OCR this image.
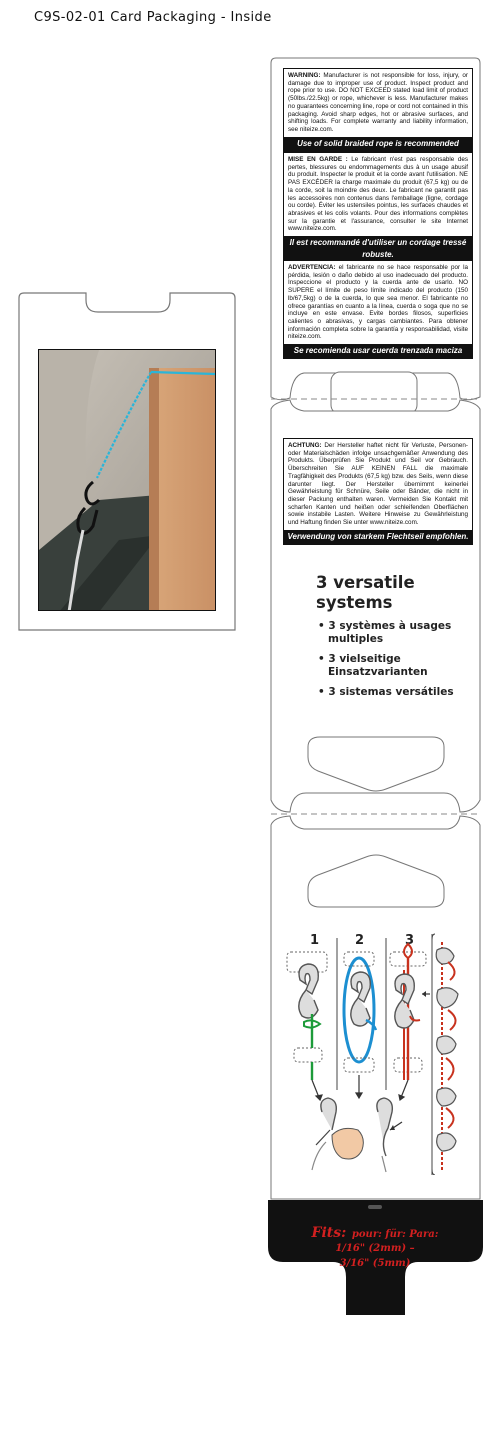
C9S-02-01 Card Packaging - Inside
WARNING: Manufacturer is not responsible for loss, injury, or damage due to improper use of product. Inspect product and rope prior to use. DO NOT EXCEED stated load limit of product (50lbs./22.5kg) or rope, whichever is less. Manufacturer makes no guarantees concerning line, rope or cord not contained in this packaging. Avoid sharp edges, hot or abrasive surfaces, and shifting loads. For complete warranty and liability information, see niteize.com.
Use of solid braided rope is recommended
MISE EN GARDE : Le fabricant n'est pas responsable des pertes, blessures ou endommagements dus à un usage abusif du produit. Inspecter le produit et la corde avant l'utilisation. NE PAS EXCÉDER la charge maximale du produit (67,5 kg) ou de la corde, soit la moindre des deux. Le fabricant ne garantit pas les accessoires non contenus dans l'emballage (ligne, cordage ou corde). Éviter les ustensiles pointus, les surfaces chaudes et abrasives et les colis volants. Pour des informations complètes sur la garantie et l'assurance, consulter le site Internet www.niteize.com.
Il est recommandé d'utiliser un cordage tressé robuste.
ADVERTENCIA: el fabricante no se hace responsable por la pérdida, lesión o daño debido al uso inadecuado del producto. Inspeccione el producto y la cuerda ante de usarlo. NO SUPERE el límite de peso límite indicado del producto (150 lb/67,5kg) o de la cuerda, lo que sea menor. El fabricante no ofrece garantías en cuanto a la línea, cuerda o soga que no se incluye en este envase. Evite bordes filosos, superficies calientes o abrasivas, y cargas cambiantes. Para obtener información completa sobre la garantía y responsabilidad, visite niteize.com.
Se recomienda usar cuerda trenzada maciza
ACHTUNG: Der Hersteller haftet nicht für Verluste, Personen- oder Materialschäden infolge unsachgemäßer Anwendung des Produkts. Überprüfen Sie Produkt und Seil vor Gebrauch. Überschreiten Sie AUF KEINEN FALL die maximale Tragfähigkeit des Produkts (67,5 kg) bzw. des Seils, wenn diese darunter liegt. Der Hersteller übernimmt keinerlei Gewährleistung für Schnüre, Seile oder Bänder, die nicht in dieser Packung enthalten waren. Vermeiden Sie Kontakt mit scharfen Kanten und heißen oder schleifenden Oberflächen sowie instabile Lasten. Weitere Hinweise zu Gewährleistung und Haftung finden Sie unter www.niteize.com.
Verwendung von starkem Flechtseil empfohlen.
3 versatile systems
• 3 systèmes à usages multiples
• 3 vielseitige Einsatzvarianten
• 3 sistemas versátiles
1	2	3
Fits: pour: für: Para:
1/16" (2mm) –
3/16" (5mm)
